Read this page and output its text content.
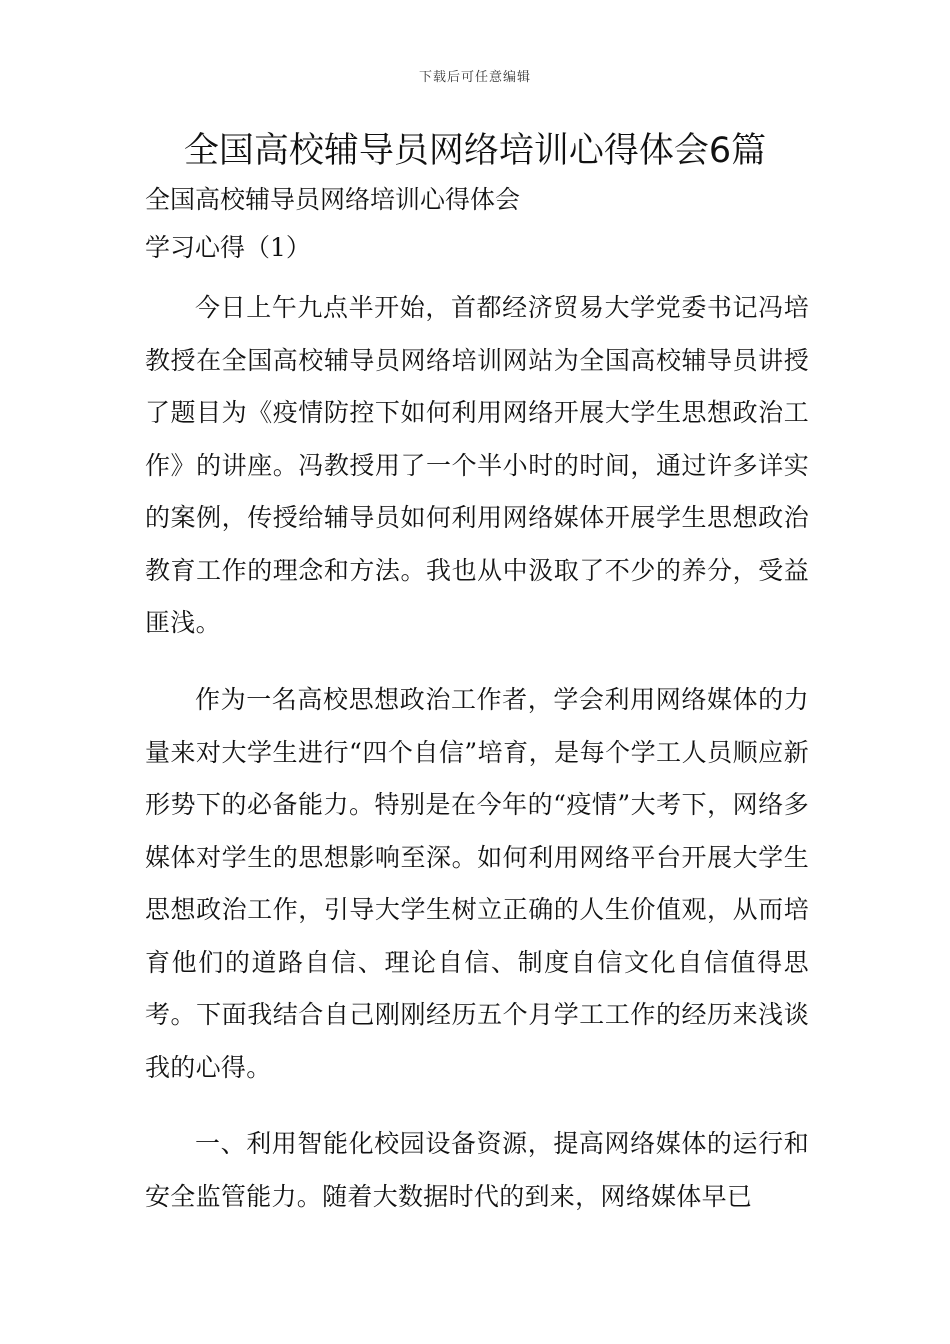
下载后可任意编辑
全国高校辅导员网络培训心得体会6篇
全国高校辅导员网络培训心得体会
学习心得（1）

今日上午九点半开始，首都经济贸易大学党委书记冯培教授在全国高校辅导员网络培训网站为全国高校辅导员讲授了题目为《疫情防控下如何利用网络开展大学生思想政治工作》的讲座。冯教授用了一个半小时的时间，通过许多详实的案例，传授给辅导员如何利用网络媒体开展学生思想政治教育工作的理念和方法。我也从中汲取了不少的养分，受益匪浅。

作为一名高校思想政治工作者，学会利用网络媒体的力量来对大学生进行“四个自信”培育，是每个学工人员顺应新形势下的必备能力。特别是在今年的“疫情”大考下，网络多媒体对学生的思想影响至深。如何利用网络平台开展大学生思想政治工作，引导大学生树立正确的人生价值观，从而培育他们的道路自信、理论自信、制度自信文化自信值得思考。下面我结合自己刚刚经历五个月学工工作的经历来浅谈我的心得。

一、利用智能化校园设备资源，提高网络媒体的运行和安全监管能力。随着大数据时代的到来，网络媒体早已
